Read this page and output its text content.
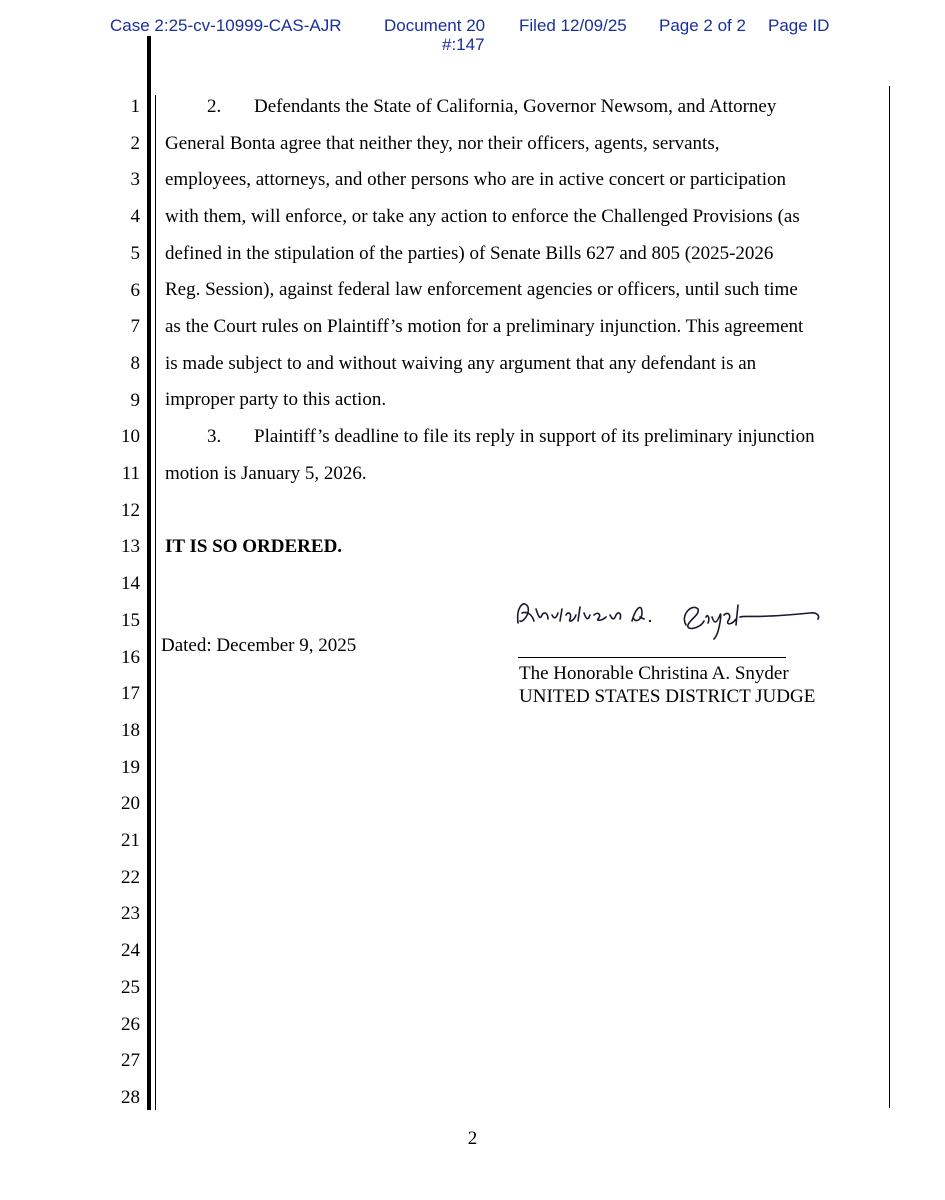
Case 2:25-cv-10999-CAS-AJR	Document 20 Filed 12/09/25 Page 2 of 2 Page ID
#:147
1
2
3
4
5
6
7
8
9
10
11
12
13
14
15
16
17
18
19
20
21
22
23
24
25
26
27
28
2. Defendants the State of California, Governor Newsom, and Attorney
General Bonta agree that neither they, nor their officers, agents, servants,
employees, attorneys, and other persons who are in active concert or participation
with them, will enforce, or take any action to enforce the Challenged Provisions (as
defined in the stipulation of the parties) of Senate Bills 627 and 805 (2025-2026
Reg. Session), against federal law enforcement agencies or officers, until such time
as the Court rules on Plaintiff’s motion for a preliminary injunction. This agreement
is made subject to and without waiving any argument that any defendant is an
improper party to this action.
3. Plaintiff’s deadline to file its reply in support of its preliminary injunction
motion is January 5, 2026.
IT IS SO ORDERED.
Dated: December 9, 2025
The Honorable Christina A. Snyder
UNITED STATES DISTRICT JUDGE
2
